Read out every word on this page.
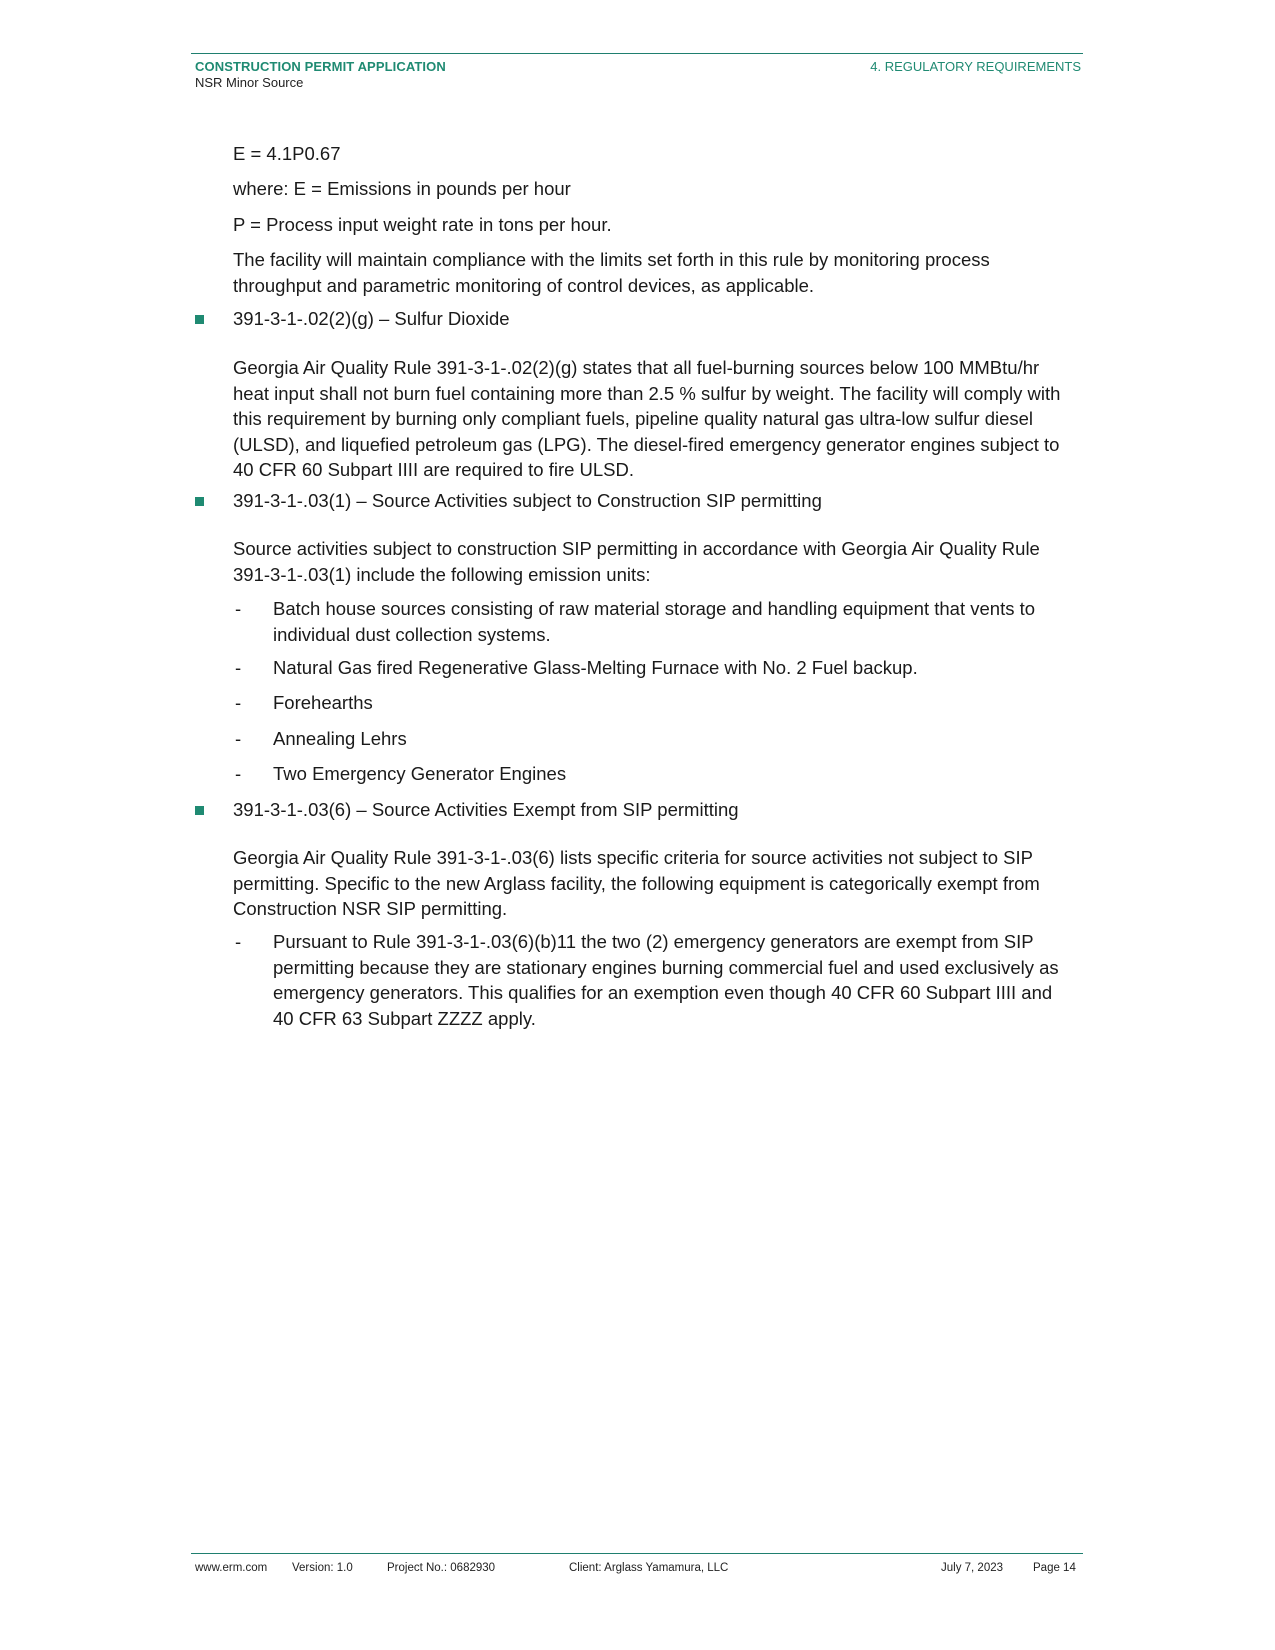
CONSTRUCTION PERMIT APPLICATION
NSR Minor Source
4. REGULATORY REQUIREMENTS

E = 4.1P0.67

where: E = Emissions in pounds per hour

P = Process input weight rate in tons per hour.

The facility will maintain compliance with the limits set forth in this rule by monitoring process throughput and parametric monitoring of control devices, as applicable.

391-3-1-.02(2)(g) – Sulfur Dioxide

Georgia Air Quality Rule 391-3-1-.02(2)(g) states that all fuel-burning sources below 100 MMBtu/hr heat input shall not burn fuel containing more than 2.5 % sulfur by weight. The facility will comply with this requirement by burning only compliant fuels, pipeline quality natural gas ultra-low sulfur diesel (ULSD), and liquefied petroleum gas (LPG). The diesel-fired emergency generator engines subject to 40 CFR 60 Subpart IIII are required to fire ULSD.

391-3-1-.03(1) – Source Activities subject to Construction SIP permitting

Source activities subject to construction SIP permitting in accordance with Georgia Air Quality Rule 391-3-1-.03(1) include the following emission units:

- Batch house sources consisting of raw material storage and handling equipment that vents to individual dust collection systems.
- Natural Gas fired Regenerative Glass-Melting Furnace with No. 2 Fuel backup.
- Forehearths
- Annealing Lehrs
- Two Emergency Generator Engines
391-3-1-.03(6) – Source Activities Exempt from SIP permitting

Georgia Air Quality Rule 391-3-1-.03(6) lists specific criteria for source activities not subject to SIP permitting. Specific to the new Arglass facility, the following equipment is categorically exempt from Construction NSR SIP permitting.

- Pursuant to Rule 391-3-1-.03(6)(b)11 the two (2) emergency generators are exempt from SIP permitting because they are stationary engines burning commercial fuel and used exclusively as emergency generators. This qualifies for an exemption even though 40 CFR 60 Subpart IIII and 40 CFR 63 Subpart ZZZZ apply.
www.erm.com Version: 1.0	Project No.: 0682930	Client: Arglass Yamamura, LLC	July 7, 2023	Page 14
